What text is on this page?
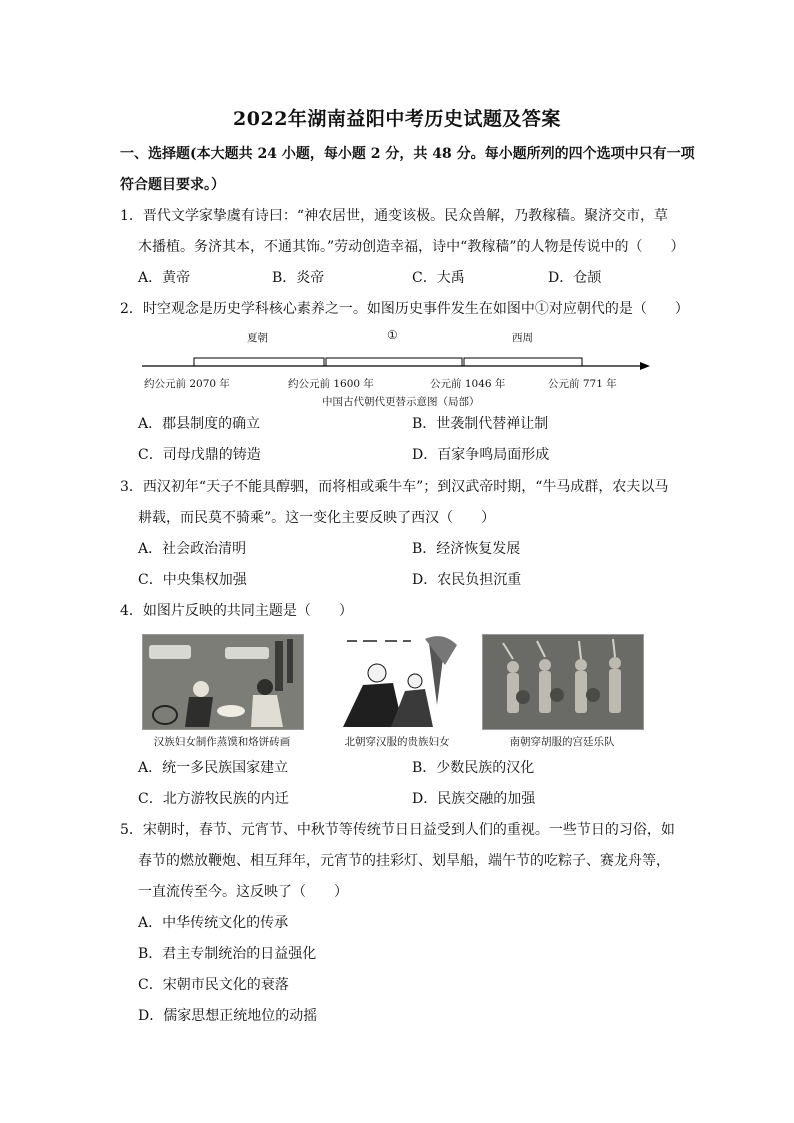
2022年湖南益阳中考历史试题及答案
一、选择题(本大题共 24 小题，每小题 2 分，共 48 分。每小题所列的四个选项中只有一项
符合题目要求。）
1．晋代文学家挚虞有诗曰：“神农居世，通变该极。民众兽解，乃教稼穑。聚济交市，草
木播植。务济其本，不通其饰。”劳动创造幸福，诗中“教稼穑”的人物是传说中的（　　）
A．黄帝	B．炎帝	C．大禹	D．仓颉
2．时空观念是历史学科核心素养之一。如图历史事件发生在如图中①对应朝代的是（　　）
夏朝	①	西周
约公元前 2070 年	约公元前 1600 年	公元前 1046 年	公元前 771 年
中国古代朝代更替示意图（局部）
A．郡县制度的确立	B．世袭制代替禅让制
C．司母戊鼎的铸造	D．百家争鸣局面形成
3．西汉初年“天子不能具醇驷，而将相或乘牛车”；到汉武帝时期，“牛马成群，农夫以马
耕载，而民莫不骑乘”。这一变化主要反映了西汉（　　）
A．社会政治清明	B．经济恢复发展
C．中央集权加强	D．农民负担沉重
4．如图片反映的共同主题是（　　）
汉族妇女制作蒸馍和烙饼砖画	北朝穿汉服的贵族妇女	南朝穿胡服的宫廷乐队
A．统一多民族国家建立	B．少数民族的汉化
C．北方游牧民族的内迁	D．民族交融的加强
5．宋朝时，春节、元宵节、中秋节等传统节日日益受到人们的重视。一些节日的习俗，如
春节的燃放鞭炮、相互拜年，元宵节的挂彩灯、划旱船，端午节的吃粽子、赛龙舟等，
一直流传至今。这反映了（　　）
A．中华传统文化的传承
B．君主专制统治的日益强化
C．宋朝市民文化的衰落
D．儒家思想正统地位的动摇
